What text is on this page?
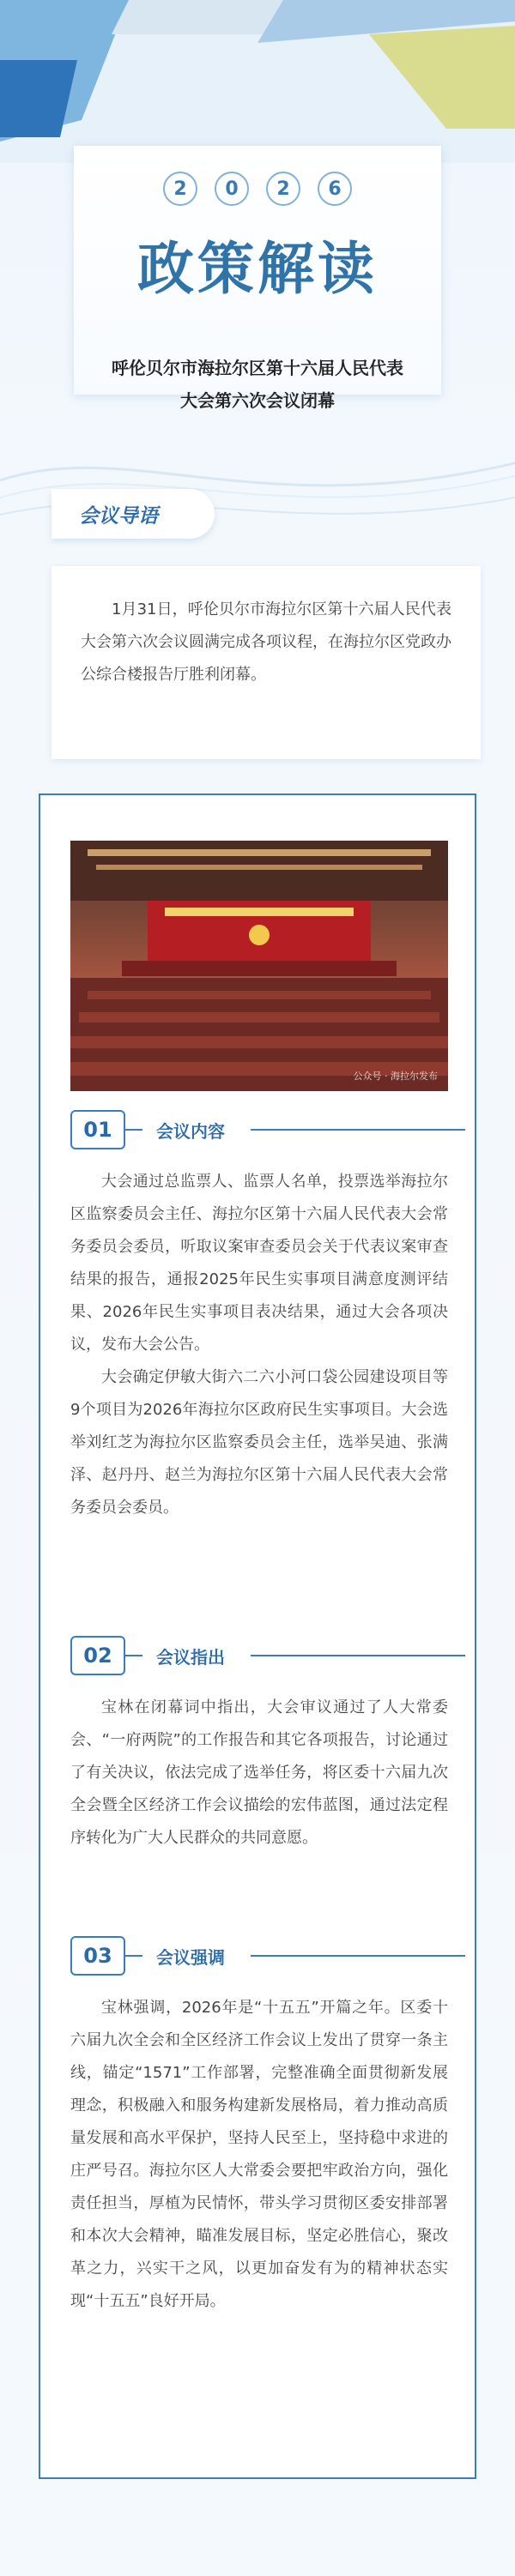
2	0	2	6
政策解读
呼伦贝尔市海拉尔区第十六届人民代表
大会第六次会议闭幕
会议导语

1月31日，呼伦贝尔市海拉尔区第十六届人民代表大会第六次会议圆满完成各项议程，在海拉尔区党政办公综合楼报告厅胜利闭幕。

公众号 · 海拉尔发布
01	会议内容

大会通过总监票人、监票人名单，投票选举海拉尔区监察委员会主任、海拉尔区第十六届人民代表大会常务委员会委员，听取议案审查委员会关于代表议案审查结果的报告，通报2025年民生实事项目满意度测评结果、2026年民生实事项目表决结果，通过大会各项决议，发布大会公告。

大会确定伊敏大街六二六小河口袋公园建设项目等9个项目为2026年海拉尔区政府民生实事项目。大会选举刘红芝为海拉尔区监察委员会主任，选举吴迪、张满泽、赵丹丹、赵兰为海拉尔区第十六届人民代表大会常务委员会委员。

02	会议指出

宝林在闭幕词中指出，大会审议通过了人大常委会、“一府两院”的工作报告和其它各项报告，讨论通过了有关决议，依法完成了选举任务，将区委十六届九次全会暨全区经济工作会议描绘的宏伟蓝图，通过法定程序转化为广大人民群众的共同意愿。

03	会议强调

宝林强调，2026年是“十五五”开篇之年。区委十六届九次全会和全区经济工作会议上发出了贯穿一条主线，锚定“1571”工作部署，完整准确全面贯彻新发展理念，积极融入和服务构建新发展格局，着力推动高质量发展和高水平保护，坚持人民至上，坚持稳中求进的庄严号召。海拉尔区人大常委会要把牢政治方向，强化责任担当，厚植为民情怀，带头学习贯彻区委安排部署和本次大会精神，瞄准发展目标，坚定必胜信心，聚改革之力，兴实干之风，以更加奋发有为的精神状态实现“十五五”良好开局。
